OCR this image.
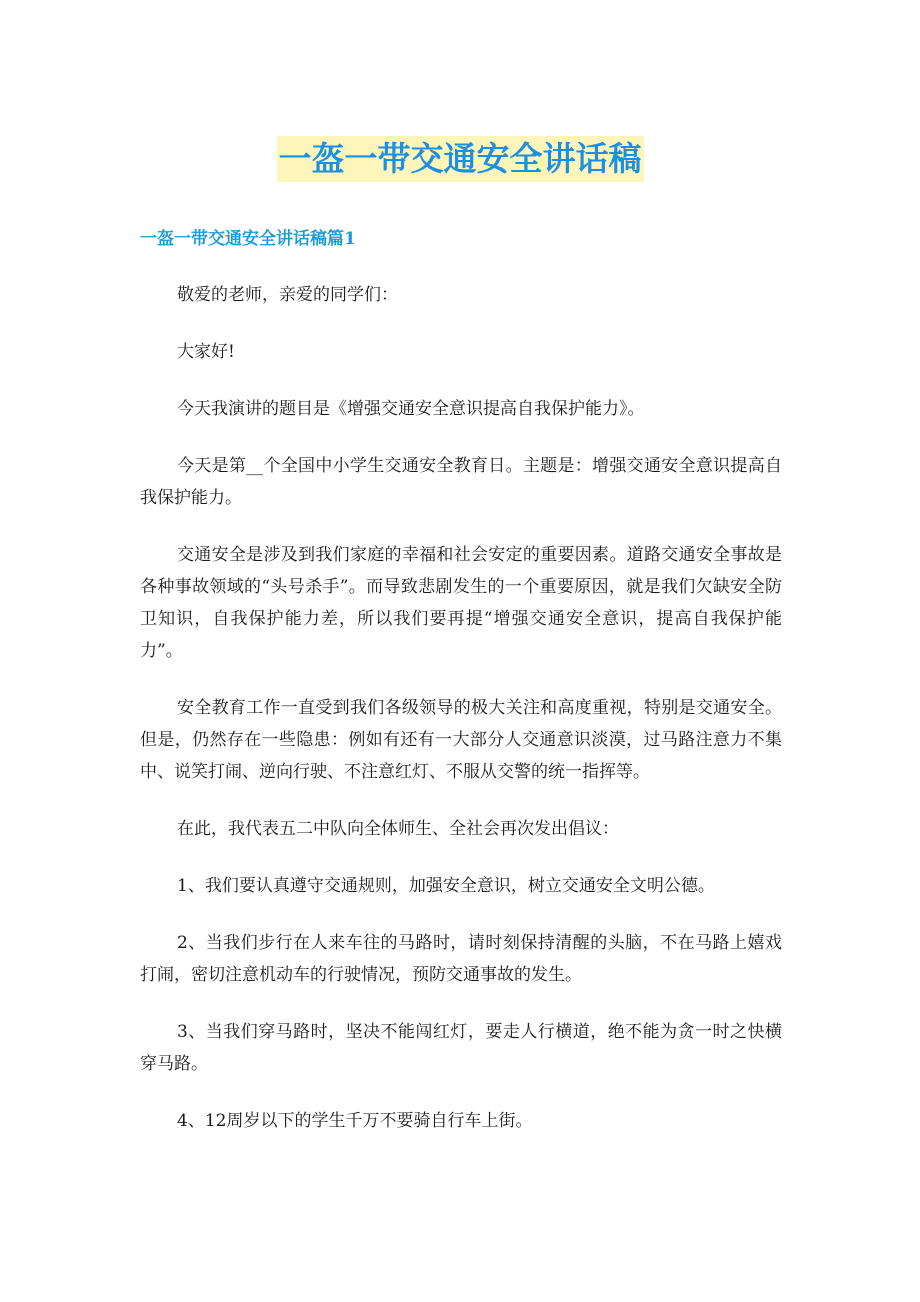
一盔一带交通安全讲话稿
一盔一带交通安全讲话稿篇1

敬爱的老师，亲爱的同学们：

大家好!

今天我演讲的题目是《增强交通安全意识提高自我保护能力》。

今天是第__个全国中小学生交通安全教育日。主题是：增强交通安全意识提高自我保护能力。

交通安全是涉及到我们家庭的幸福和社会安定的重要因素。道路交通安全事故是各种事故领域的“头号杀手”。而导致悲剧发生的一个重要原因，就是我们欠缺安全防卫知识，自我保护能力差，所以我们要再提“增强交通安全意识，提高自我保护能力”。

安全教育工作一直受到我们各级领导的极大关注和高度重视，特别是交通安全。但是，仍然存在一些隐患：例如有还有一大部分人交通意识淡漠，过马路注意力不集中、说笑打闹、逆向行驶、不注意红灯、不服从交警的统一指挥等。

在此，我代表五二中队向全体师生、全社会再次发出倡议：

1、我们要认真遵守交通规则，加强安全意识，树立交通安全文明公德。

2、当我们步行在人来车往的马路时，请时刻保持清醒的头脑，不在马路上嬉戏打闹，密切注意机动车的行驶情况，预防交通事故的发生。

3、当我们穿马路时，坚决不能闯红灯，要走人行横道，绝不能为贪一时之快横穿马路。

4、12周岁以下的学生千万不要骑自行车上街。
